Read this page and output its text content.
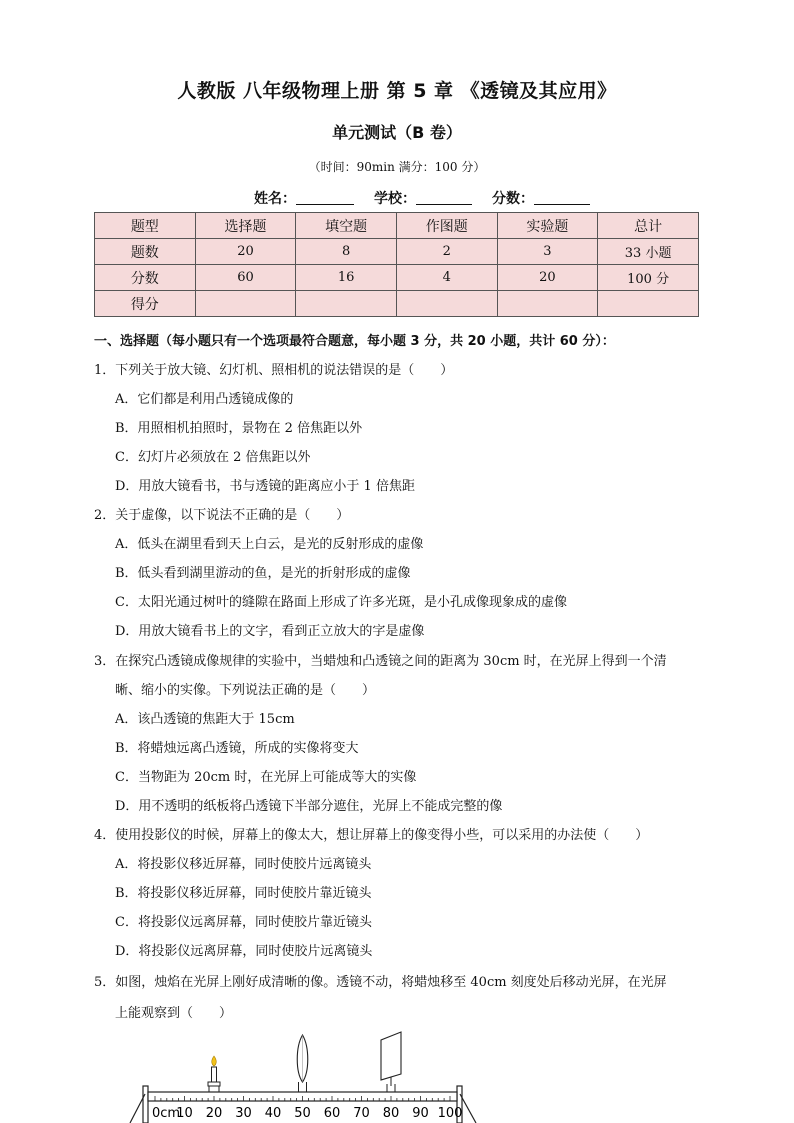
人教版 八年级物理上册 第 5 章 《透镜及其应用》
单元测试（B 卷）
（时间：90min 满分：100 分）
姓名：	学校：	分数：
题型	选择题	填空题	作图题	实验题	总计
题数	20	8	2	3	33 小题
分数	60	16	4	20	100 分
得分					
一、选择题（每小题只有一个选项最符合题意，每小题 3 分，共 20 小题，共计 60 分）：
1．下列关于放大镜、幻灯机、照相机的说法错误的是（　　）
A．它们都是利用凸透镜成像的
B．用照相机拍照时，景物在 2 倍焦距以外
C．幻灯片必须放在 2 倍焦距以外
D．用放大镜看书，书与透镜的距离应小于 1 倍焦距
2．关于虚像，以下说法不正确的是（　　）
A．低头在湖里看到天上白云，是光的反射形成的虚像
B．低头看到湖里游动的鱼，是光的折射形成的虚像
C．太阳光通过树叶的缝隙在路面上形成了许多光斑，是小孔成像现象成的虚像
D．用放大镜看书上的文字，看到正立放大的字是虚像
3．在探究凸透镜成像规律的实验中，当蜡烛和凸透镜之间的距离为 30cm 时，在光屏上得到一个清
晰、缩小的实像。下列说法正确的是（　　）
A．该凸透镜的焦距大于 15cm
B．将蜡烛远离凸透镜，所成的实像将变大
C．当物距为 20cm 时，在光屏上可能成等大的实像
D．用不透明的纸板将凸透镜下半部分遮住，光屏上不能成完整的像
4．使用投影仪的时候，屏幕上的像太大，想让屏幕上的像变得小些，可以采用的办法使（　　）
A．将投影仪移近屏幕，同时使胶片远离镜头
B．将投影仪移近屏幕，同时使胶片靠近镜头
C．将投影仪远离屏幕，同时使胶片靠近镜头
D．将投影仪远离屏幕，同时使胶片远离镜头
5．如图，烛焰在光屏上刚好成清晰的像。透镜不动，将蜡烛移至 40cm 刻度处后移动光屏，在光屏
上能观察到（　　）
0cm
10 20 30 40 50 60 70 80 90 100
